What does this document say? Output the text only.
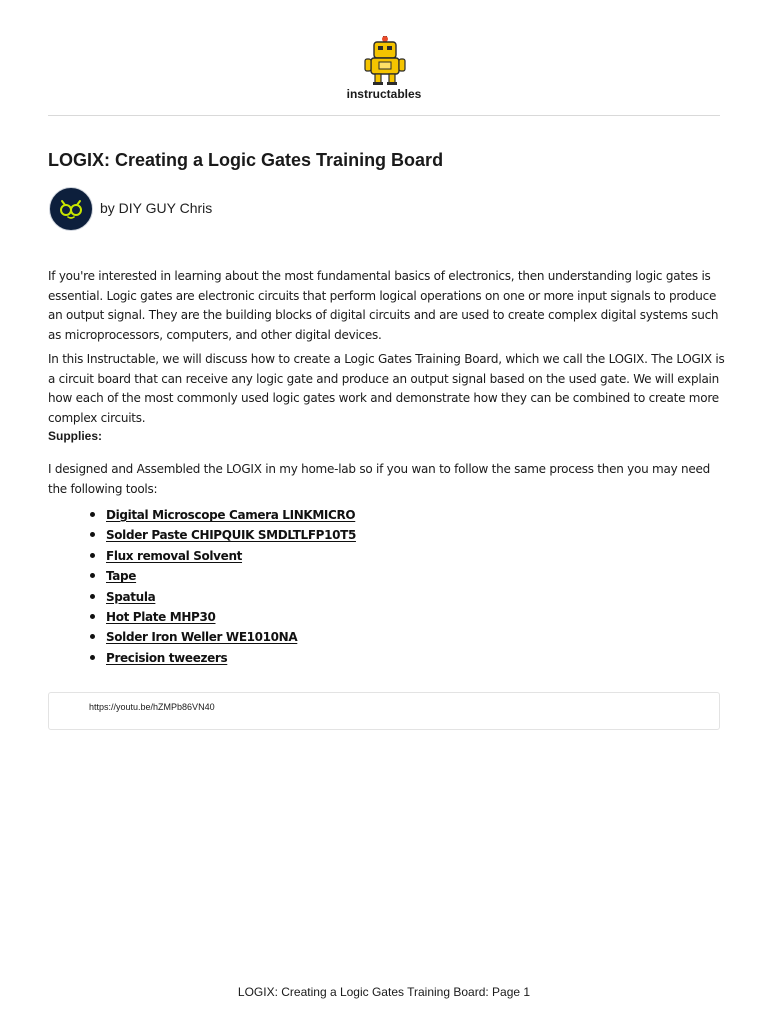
instructables
LOGIX: Creating a Logic Gates Training Board
by DIY GUY Chris

If you're interested in learning about the most fundamental basics of electronics, then understanding logic gates is essential. Logic gates are electronic circuits that perform logical operations on one or more input signals to produce an output signal. They are the building blocks of digital circuits and are used to create complex digital systems such as microprocessors, computers, and other digital devices.

In this Instructable, we will discuss how to create a Logic Gates Training Board, which we call the LOGIX. The LOGIX is a circuit board that can receive any logic gate and produce an output signal based on the used gate. We will explain how each of the most commonly used logic gates work and demonstrate how they can be combined to create more complex circuits.

Supplies:

I designed and Assembled the LOGIX in my home-lab so if you wan to follow the same process then you may need the following tools:

Digital Microscope Camera LINKMICRO
Solder Paste CHIPQUIK SMDLTLFP10T5
Flux removal Solvent
Tape
Spatula
Hot Plate MHP30
Solder Iron Weller WE1010NA
Precision tweezers
https://youtu.be/hZMPb86VN40
LOGIX: Creating a Logic Gates Training Board: Page 1
